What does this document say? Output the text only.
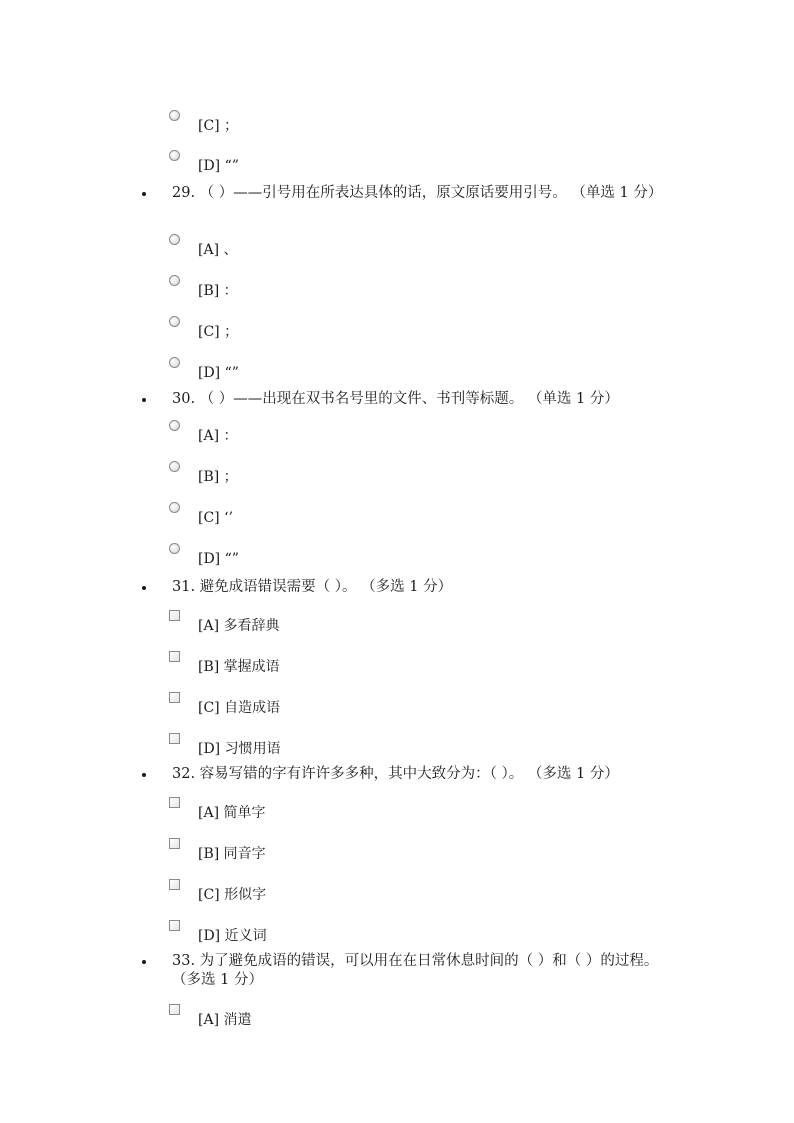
[C] ；
[D] “”
29. （ ）——引号用在所表达具体的话，原文原话要用引号。 （单选 1 分）
[A] 、
[B] ：
[C] ；
[D] “”
30. （ ）——出现在双书名号里的文件、书刊等标题。 （单选 1 分）
[A] ：
[B] ；
[C] ‘’
[D] “”
31. 避免成语错误需要（ ）。 （多选 1 分）
[A] 多看辞典
[B] 掌握成语
[C] 自造成语
[D] 习惯用语
32. 容易写错的字有许许多多种，其中大致分为：（ ）。 （多选 1 分）
[A] 简单字
[B] 同音字
[C] 形似字
[D] 近义词
33. 为了避免成语的错误，可以用在在日常休息时间的（ ）和（ ）的过程。 （多选 1 分）
[A] 消遣
